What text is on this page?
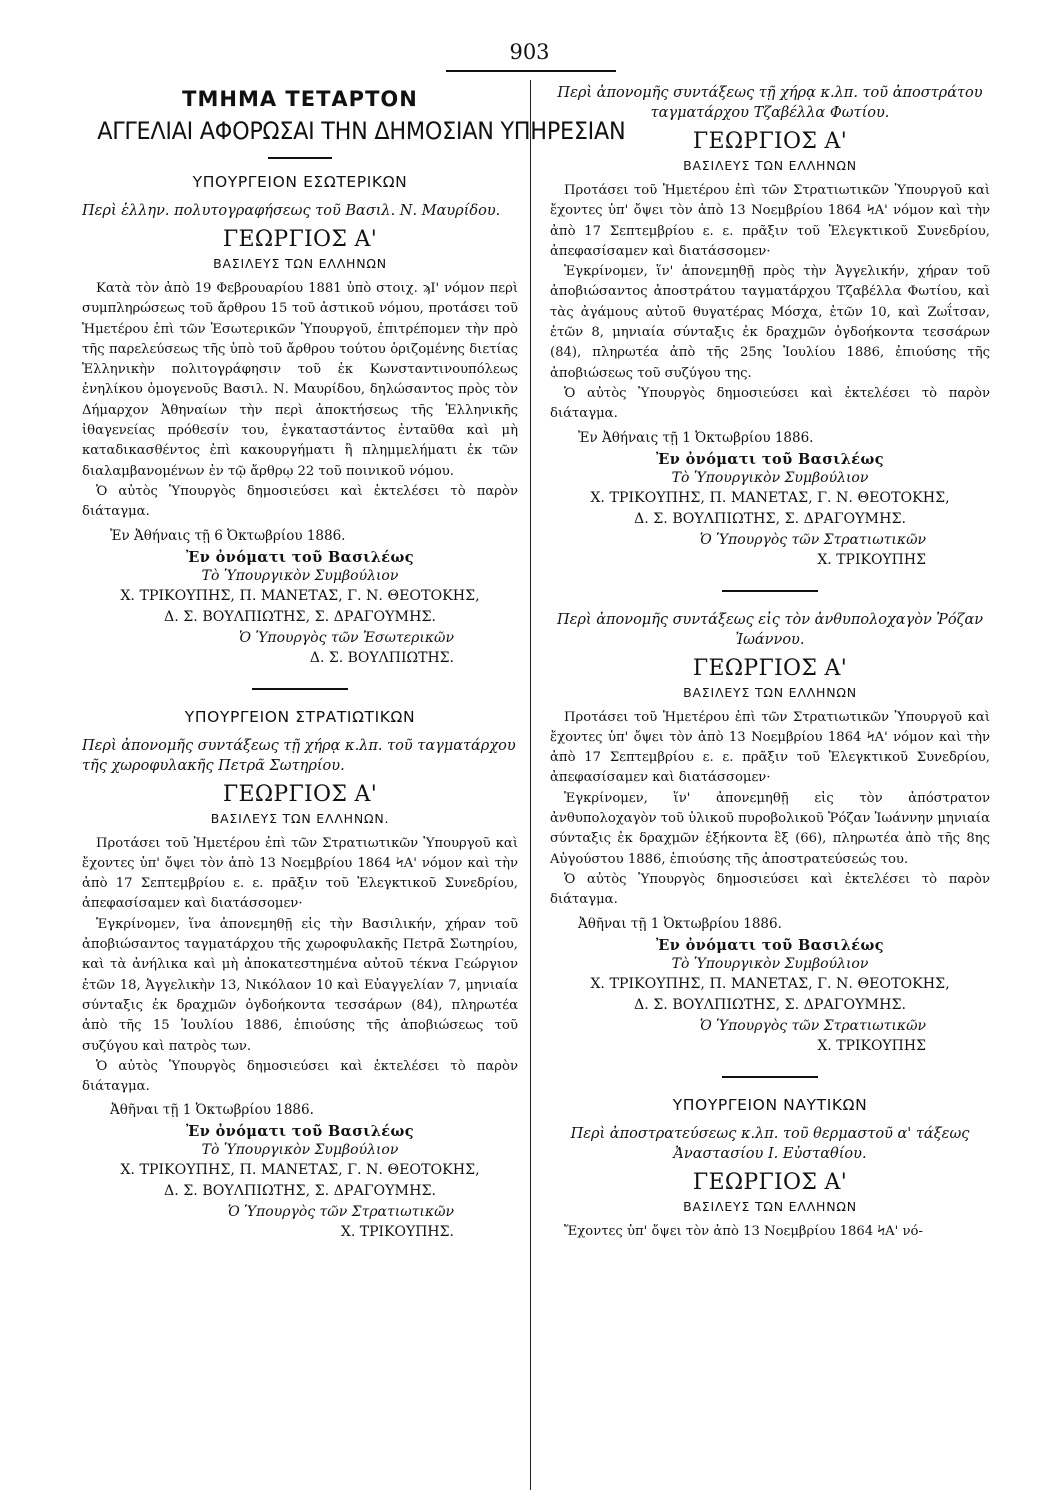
903
ΤΜΗΜΑ ΤΕΤΑΡΤΟΝ
ΑΓΓΕΛΙΑΙ ΑΦΟΡΩΣΑΙ ΤΗΝ ΔΗΜΟΣΙΑΝ ΥΠΗΡΕΣΙΑΝ
ΥΠΟΥΡΓΕΙΟΝ ΕΣΩΤΕΡΙΚΩΝ
Περὶ ἑλλην. πολυτογραφήσεως τοῦ Βασιλ. Ν. Μαυρίδου.
ΓΕΩΡΓΙΟΣ Α'
ΒΑΣΙΛΕΥΣ ΤΩΝ ΕΛΛΗΝΩΝ

Κατὰ τὸν ἀπὸ 19 Φεβρουαρίου 1881 ὑπὸ στοιχ. ϡΙ' νόμον περὶ συμπληρώσεως τοῦ ἄρθρου 15 τοῦ ἀστικοῦ νόμου, προτάσει τοῦ Ἡμετέρου ἐπὶ τῶν Ἐσωτερικῶν Ὑπουργοῦ, ἐπιτρέπομεν τὴν πρὸ τῆς παρελεύσεως τῆς ὑπὸ τοῦ ἄρθρου τούτου ὁριζομένης διετίας Ἑλληνικὴν πολιτογράφησιν τοῦ ἐκ Κωνσταντινουπόλεως ἐνηλίκου ὁμογενοῦς Βασιλ. Ν. Μαυρίδου, δηλώσαντος πρὸς τὸν Δήμαρχον Ἀθηναίων τὴν περὶ ἀποκτήσεως τῆς Ἑλληνικῆς ἰθαγενείας πρόθεσίν του, ἐγκαταστάντος ἐνταῦθα καὶ μὴ καταδικασθέντος ἐπὶ κακουργήματι ἢ πλημμελήματι ἐκ τῶν διαλαμβανομένων ἐν τῷ ἄρθρῳ 22 τοῦ ποινικοῦ νόμου.

Ὁ αὐτὸς Ὑπουργὸς δημοσιεύσει καὶ ἐκτελέσει τὸ παρὸν διάταγμα.

Ἐν Ἀθήναις τῇ 6 Ὀκτωβρίου 1886.
Ἐν ὀνόματι τοῦ Βασιλέως
Τὸ Ὑπουργικὸν Συμβούλιον
Χ. ΤΡΙΚΟΥΠΗΣ, Π. ΜΑΝΕΤΑΣ, Γ. Ν. ΘΕΟΤΟΚΗΣ,
Δ. Σ. ΒΟΥΛΠΙΩΤΗΣ, Σ. ΔΡΑΓΟΥΜΗΣ.
Ὁ Ὑπουργὸς τῶν Ἐσωτερικῶν
Δ. Σ. ΒΟΥΛΠΙΩΤΗΣ.
ΥΠΟΥΡΓΕΙΟΝ ΣΤΡΑΤΙΩΤΙΚΩΝ
Περὶ ἀπονομῆς συντάξεως τῇ χήρᾳ κ.λπ. τοῦ ταγματάρχου τῆς χωροφυλακῆς Πετρᾶ Σωτηρίου.
ΓΕΩΡΓΙΟΣ Α'
ΒΑΣΙΛΕΥΣ ΤΩΝ ΕΛΛΗΝΩΝ.

Προτάσει τοῦ Ἡμετέρου ἐπὶ τῶν Στρατιωτικῶν Ὑπουργοῦ καὶ ἔχοντες ὑπ' ὄψει τὸν ἀπὸ 13 Νοεμβρίου 1864 ϞΑ' νόμον καὶ τὴν ἀπὸ 17 Σεπτεμβρίου ε. ε. πρᾶξιν τοῦ Ἐλεγκτικοῦ Συνεδρίου, ἀπεφασίσαμεν καὶ διατάσσομεν·

Ἐγκρίνομεν, ἵνα ἀπονεμηθῇ εἰς τὴν Βασιλικήν, χήραν τοῦ ἀποβιώσαντος ταγματάρχου τῆς χωροφυλακῆς Πετρᾶ Σωτηρίου, καὶ τὰ ἀνήλικα καὶ μὴ ἀποκατεστημένα αὐτοῦ τέκνα Γεώργιον ἐτῶν 18, Ἀγγελικὴν 13, Νικόλαον 10 καὶ Εὐαγγελίαν 7, μηνιαία σύνταξις ἐκ δραχμῶν ὀγδοήκοντα τεσσάρων (84), πληρωτέα ἀπὸ τῆς 15 Ἰουλίου 1886, ἐπιούσης τῆς ἀποβιώσεως τοῦ συζύγου καὶ πατρὸς των.

Ὁ αὐτὸς Ὑπουργὸς δημοσιεύσει καὶ ἐκτελέσει τὸ παρὸν διάταγμα.

Ἀθῆναι τῇ 1 Ὀκτωβρίου 1886.
Ἐν ὀνόματι τοῦ Βασιλέως
Τὸ Ὑπουργικὸν Συμβούλιον
Χ. ΤΡΙΚΟΥΠΗΣ, Π. ΜΑΝΕΤΑΣ, Γ. Ν. ΘΕΟΤΟΚΗΣ,
Δ. Σ. ΒΟΥΛΠΙΩΤΗΣ, Σ. ΔΡΑΓΟΥΜΗΣ.
Ὁ Ὑπουργὸς τῶν Στρατιωτικῶν
Χ. ΤΡΙΚΟΥΠΗΣ.
Περὶ ἀπονομῆς συντάξεως τῇ χήρᾳ κ.λπ. τοῦ ἀποστράτου ταγματάρχου Τζαβέλλα Φωτίου.
ΓΕΩΡΓΙΟΣ Α'
ΒΑΣΙΛΕΥΣ ΤΩΝ ΕΛΛΗΝΩΝ

Προτάσει τοῦ Ἡμετέρου ἐπὶ τῶν Στρατιωτικῶν Ὑπουργοῦ καὶ ἔχοντες ὑπ' ὄψει τὸν ἀπὸ 13 Νοεμβρίου 1864 ϞΑ' νόμον καὶ τὴν ἀπὸ 17 Σεπτεμβρίου ε. ε. πρᾶξιν τοῦ Ἐλεγκτικοῦ Συνεδρίου, ἀπεφασίσαμεν καὶ διατάσσομεν·

Ἐγκρίνομεν, ἵν' ἀπονεμηθῇ πρὸς τὴν Ἀγγελικήν, χήραν τοῦ ἀποβιώσαντος ἀποστράτου ταγματάρχου Τζαβέλλα Φωτίου, καὶ τὰς ἀγάμους αὐτοῦ θυγατέρας Μόσχα, ἐτῶν 10, καὶ Ζωΐτσαν, ἐτῶν 8, μηνιαία σύνταξις ἐκ δραχμῶν ὀγδοήκοντα τεσσάρων (84), πληρωτέα ἀπὸ τῆς 25ης Ἰουλίου 1886, ἐπιούσης τῆς ἀποβιώσεως τοῦ συζύγου της.

Ὁ αὐτὸς Ὑπουργὸς δημοσιεύσει καὶ ἐκτελέσει τὸ παρὸν διάταγμα.

Ἐν Ἀθήναις τῇ 1 Ὀκτωβρίου 1886.
Ἐν ὀνόματι τοῦ Βασιλέως
Τὸ Ὑπουργικὸν Συμβούλιον
Χ. ΤΡΙΚΟΥΠΗΣ, Π. ΜΑΝΕΤΑΣ, Γ. Ν. ΘΕΟΤΟΚΗΣ,
Δ. Σ. ΒΟΥΛΠΙΩΤΗΣ, Σ. ΔΡΑΓΟΥΜΗΣ.
Ὁ Ὑπουργὸς τῶν Στρατιωτικῶν
Χ. ΤΡΙΚΟΥΠΗΣ
Περὶ ἀπονομῆς συντάξεως εἰς τὸν ἀνθυπολοχαγὸν Ῥόζαν Ἰωάννου.
ΓΕΩΡΓΙΟΣ Α'
ΒΑΣΙΛΕΥΣ ΤΩΝ ΕΛΛΗΝΩΝ

Προτάσει τοῦ Ἡμετέρου ἐπὶ τῶν Στρατιωτικῶν Ὑπουργοῦ καὶ ἔχοντες ὑπ' ὄψει τὸν ἀπὸ 13 Νοεμβρίου 1864 ϞΑ' νόμον καὶ τὴν ἀπὸ 17 Σεπτεμβρίου ε. ε. πρᾶξιν τοῦ Ἐλεγκτικοῦ Συνεδρίου, ἀπεφασίσαμεν καὶ διατάσσομεν·

Ἐγκρίνομεν, ἵν' ἀπονεμηθῇ εἰς τὸν ἀπόστρατον ἀνθυπολοχαγὸν τοῦ ὑλικοῦ πυροβολικοῦ Ῥόζαν Ἰωάννην μηνιαία σύνταξις ἐκ δραχμῶν ἑξήκοντα ἓξ (66), πληρωτέα ἀπὸ τῆς 8ης Αὐγούστου 1886, ἐπιούσης τῆς ἀποστρατεύσεώς του.

Ὁ αὐτὸς Ὑπουργὸς δημοσιεύσει καὶ ἐκτελέσει τὸ παρὸν διάταγμα.

Ἀθῆναι τῇ 1 Ὀκτωβρίου 1886.
Ἐν ὀνόματι τοῦ Βασιλέως
Τὸ Ὑπουργικὸν Συμβούλιον
Χ. ΤΡΙΚΟΥΠΗΣ, Π. ΜΑΝΕΤΑΣ, Γ. Ν. ΘΕΟΤΟΚΗΣ,
Δ. Σ. ΒΟΥΛΠΙΩΤΗΣ, Σ. ΔΡΑΓΟΥΜΗΣ.
Ὁ Ὑπουργὸς τῶν Στρατιωτικῶν
Χ. ΤΡΙΚΟΥΠΗΣ
ΥΠΟΥΡΓΕΙΟΝ ΝΑΥΤΙΚΩΝ
Περὶ ἀποστρατεύσεως κ.λπ. τοῦ θερμαστοῦ α' τάξεως Ἀναστασίου Ι. Εὐσταθίου.
ΓΕΩΡΓΙΟΣ Α'
ΒΑΣΙΛΕΥΣ ΤΩΝ ΕΛΛΗΝΩΝ

Ἔχοντες ὑπ' ὄψει τὸν ἀπὸ 13 Νοεμβρίου 1864 ϞΑ' νό-
